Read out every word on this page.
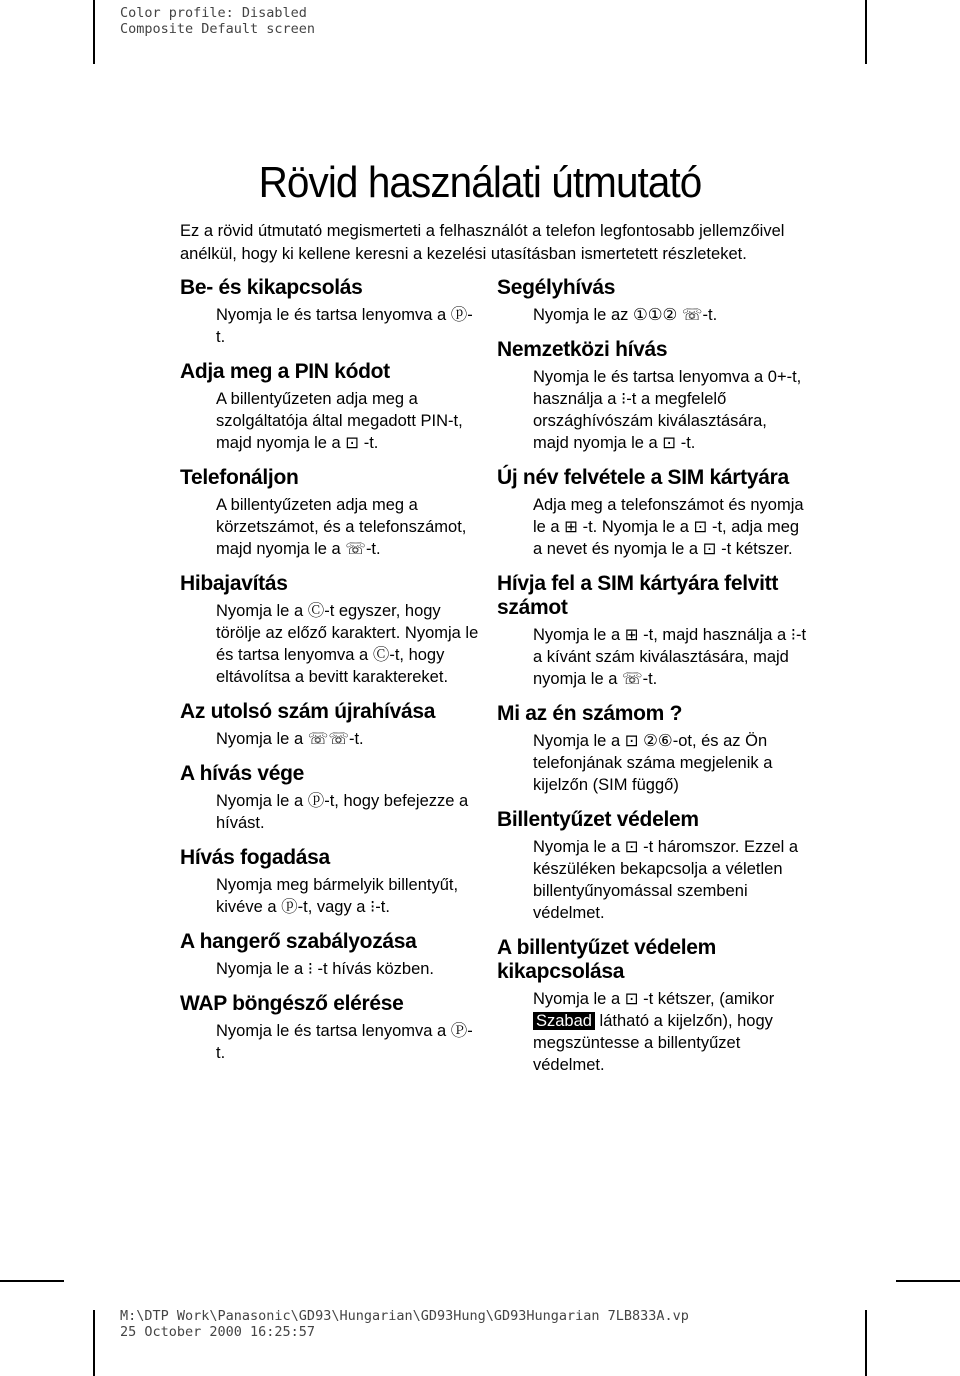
Color profile: Disabled
Composite Default screen
Rövid használati útmutató
Ez a rövid útmutató megismerteti a felhasználót a telefon legfontosabb jellemzőivel anélkül, hogy ki kellene keresni a kezelési utasításban ismertetett részleteket.
Be- és kikapcsolás
Nyomja le és tartsa lenyomva a ⓟ-t.
Adja meg a PIN kódot
A billentyűzeten adja meg a szolgáltatója által megadott PIN-t, majd nyomja le a ⊡ -t.
Telefonáljon
A billentyűzeten adja meg a körzetszámot, és a telefonszámot, majd nyomja le a ☏-t.
Hibajavítás
Nyomja le a Ⓒ-t egyszer, hogy törölje az előző karaktert. Nyomja le és tartsa lenyomva a Ⓒ-t, hogy eltávolítsa a bevitt karaktereket.
Az utolsó szám újrahívása
Nyomja le a ☏☏-t.
A hívás vége
Nyomja le a ⓟ-t, hogy befejezze a hívást.
Hívás fogadása
Nyomja meg bármelyik billentyűt, kivéve a ⓟ-t, vagy a ⁝-t.
A hangerő szabályozása
Nyomja le a ⁝ -t hívás közben.
WAP böngésző elérése
Nyomja le és tartsa lenyomva a Ⓟ-t.
Segélyhívás
Nyomja le az ①①② ☏-t.
Nemzetközi hívás
Nyomja le és tartsa lenyomva a 0+-t, használja a ⁝-t a megfelelő országhívószám kiválasztására, majd nyomja le a ⊡ -t.
Új név felvétele a SIM kártyára
Adja meg a telefonszámot és nyomja le a ⊞ -t. Nyomja le a ⊡ -t, adja meg a nevet és nyomja le a ⊡ -t kétszer.
Hívja fel a SIM kártyára felvitt számot
Nyomja le a ⊞ -t, majd használja a ⁝-t a kívánt szám kiválasztására, majd nyomja le a ☏-t.
Mi az én számom ?
Nyomja le a ⊡ ②⑥-ot, és az Ön telefonjának száma megjelenik a kijelzőn (SIM függő)
Billentyűzet védelem
Nyomja le a ⊡ -t háromszor. Ezzel a készüléken bekapcsolja a véletlen billentyűnyomással szembeni védelmet.
A billentyűzet védelem kikapcsolása
Nyomja le a ⊡ -t kétszer, (amikor Szabad látható a kijelzőn), hogy megszüntesse a billentyűzet védelmet.
M:\DTP Work\Panasonic\GD93\Hungarian\GD93Hung\GD93Hungarian 7LB833A.vp
25 October 2000 16:25:57
